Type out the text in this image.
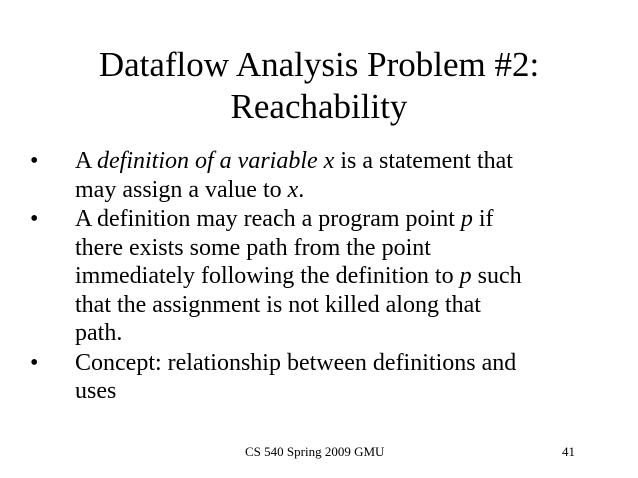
Dataflow Analysis Problem #2:
Reachability
•	A definition of a variable x is a statement that
may assign a value to x.
•	A definition may reach a program point p if
there exists some path from the point
immediately following the definition to p such
that the assignment is not killed along that
path.
•	Concept: relationship between definitions and
uses
CS 540 Spring 2009 GMU	41
